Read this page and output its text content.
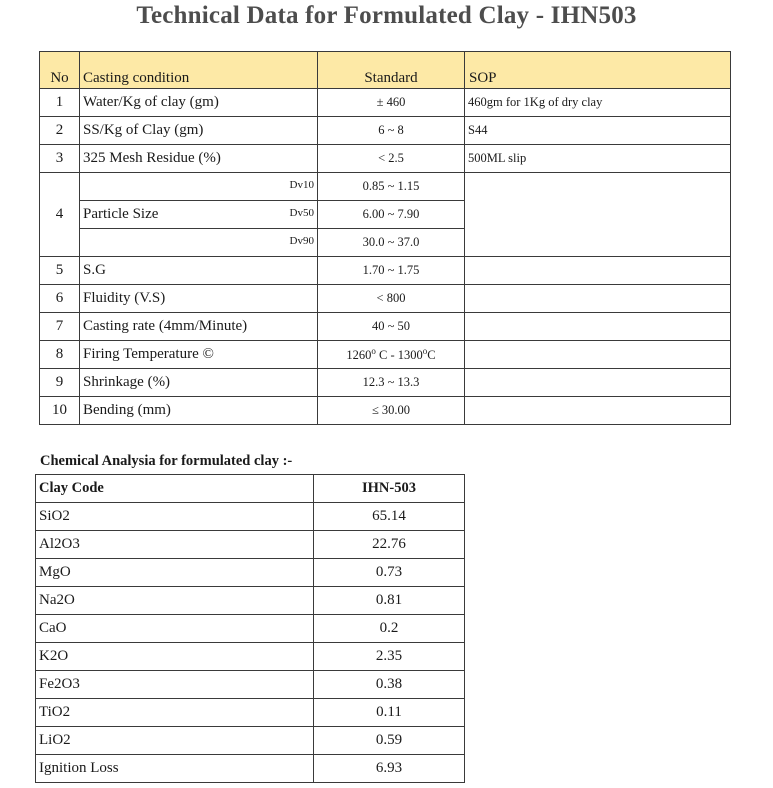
Technical Data for Formulated Clay - IHN503
No	Casting condition	Standard	SOP
1	Water/Kg of clay (gm)	± 460	460gm for 1Kg of dry clay
2	SS/Kg of Clay (gm)	6 ~ 8	S44
3	325 Mesh Residue (%)	< 2.5	500ML slip
4	Dv10	0.85 ~ 1.15	
	Particle Size Dv50	6.00 ~ 7.90	

	Dv90	30.0 ~ 37.0	
5	S.G	1.70 ~ 1.75	
6	Fluidity (V.S)	< 800	
7	Casting rate (4mm/Minute)	40 ~ 50	
8	Firing Temperature ©	1260$^o$ C - 1300$^o$C	
9	Shrinkage (%)	12.3 ~ 13.3	
10	Bending (mm)	≤ 30.00	
Chemical Analysia for formulated clay :-
Clay Code	IHN-503
SiO2	65.14
Al2O3	22.76
MgO	0.73
Na2O	0.81
CaO	0.2
K2O	2.35
Fe2O3	0.38
TiO2	0.11
LiO2	0.59
Ignition Loss	6.93
